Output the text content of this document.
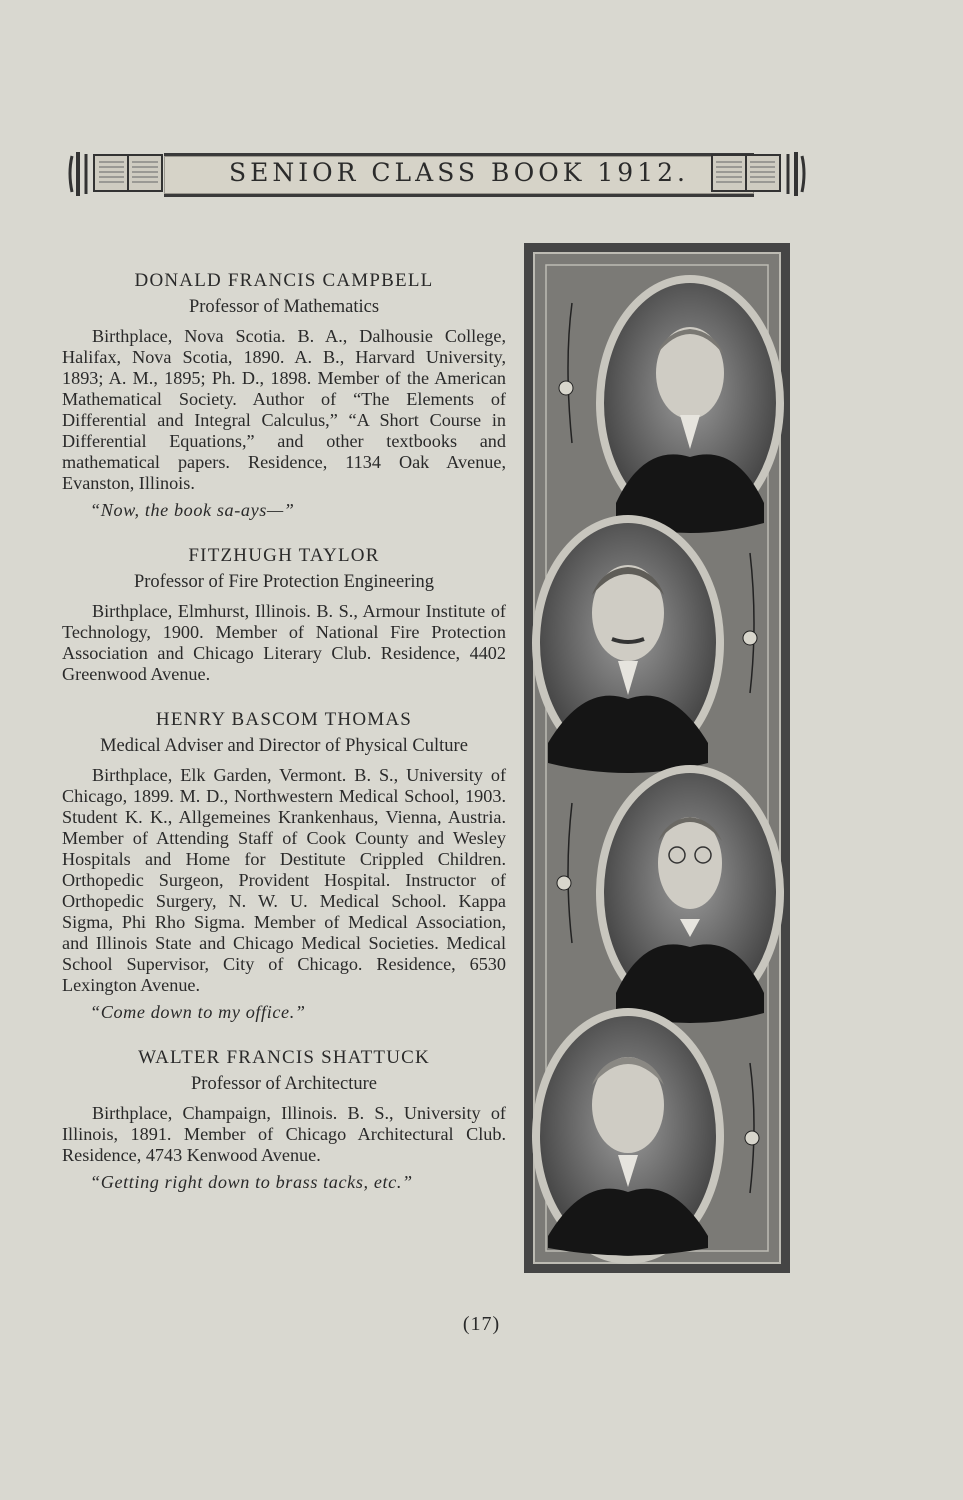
SENIOR CLASS BOOK 1912.
DONALD FRANCIS CAMPBELL
Professor of Mathematics

Birthplace, Nova Scotia. B. A., Dalhousie College, Halifax, Nova Scotia, 1890. A. B., Harvard University, 1893; A. M., 1895; Ph. D., 1898. Member of the American Mathematical Society. Author of “The Elements of Differential and Integral Calculus,” “A Short Course in Differential Equations,” and other textbooks and mathematical papers. Residence, 1134 Oak Avenue, Evanston, Illinois.

“Now, the book sa-ays—”
FITZHUGH TAYLOR
Professor of Fire Protection Engineering

Birthplace, Elmhurst, Illinois. B. S., Armour Institute of Technology, 1900. Member of National Fire Protection Association and Chicago Literary Club. Residence, 4402 Greenwood Avenue.

HENRY BASCOM THOMAS
Medical Adviser and Director of Physical Culture

Birthplace, Elk Garden, Vermont. B. S., University of Chicago, 1899. M. D., Northwestern Medical School, 1903. Student K. K., Allgemeines Krankenhaus, Vienna, Austria. Member of Attending Staff of Cook County and Wesley Hospitals and Home for Destitute Crippled Children. Orthopedic Surgeon, Provident Hospital. Instructor of Orthopedic Surgery, N. W. U. Medical School. Kappa Sigma, Phi Rho Sigma. Member of Medical Association, and Illinois State and Chicago Medical Societies. Medical School Supervisor, City of Chicago. Residence, 6530 Lexington Avenue.

“Come down to my office.”
WALTER FRANCIS SHATTUCK
Professor of Architecture

Birthplace, Champaign, Illinois. B. S., University of Illinois, 1891. Member of Chicago Architectural Club. Residence, 4743 Kenwood Avenue.

“Getting right down to brass tacks, etc.”
(17)
